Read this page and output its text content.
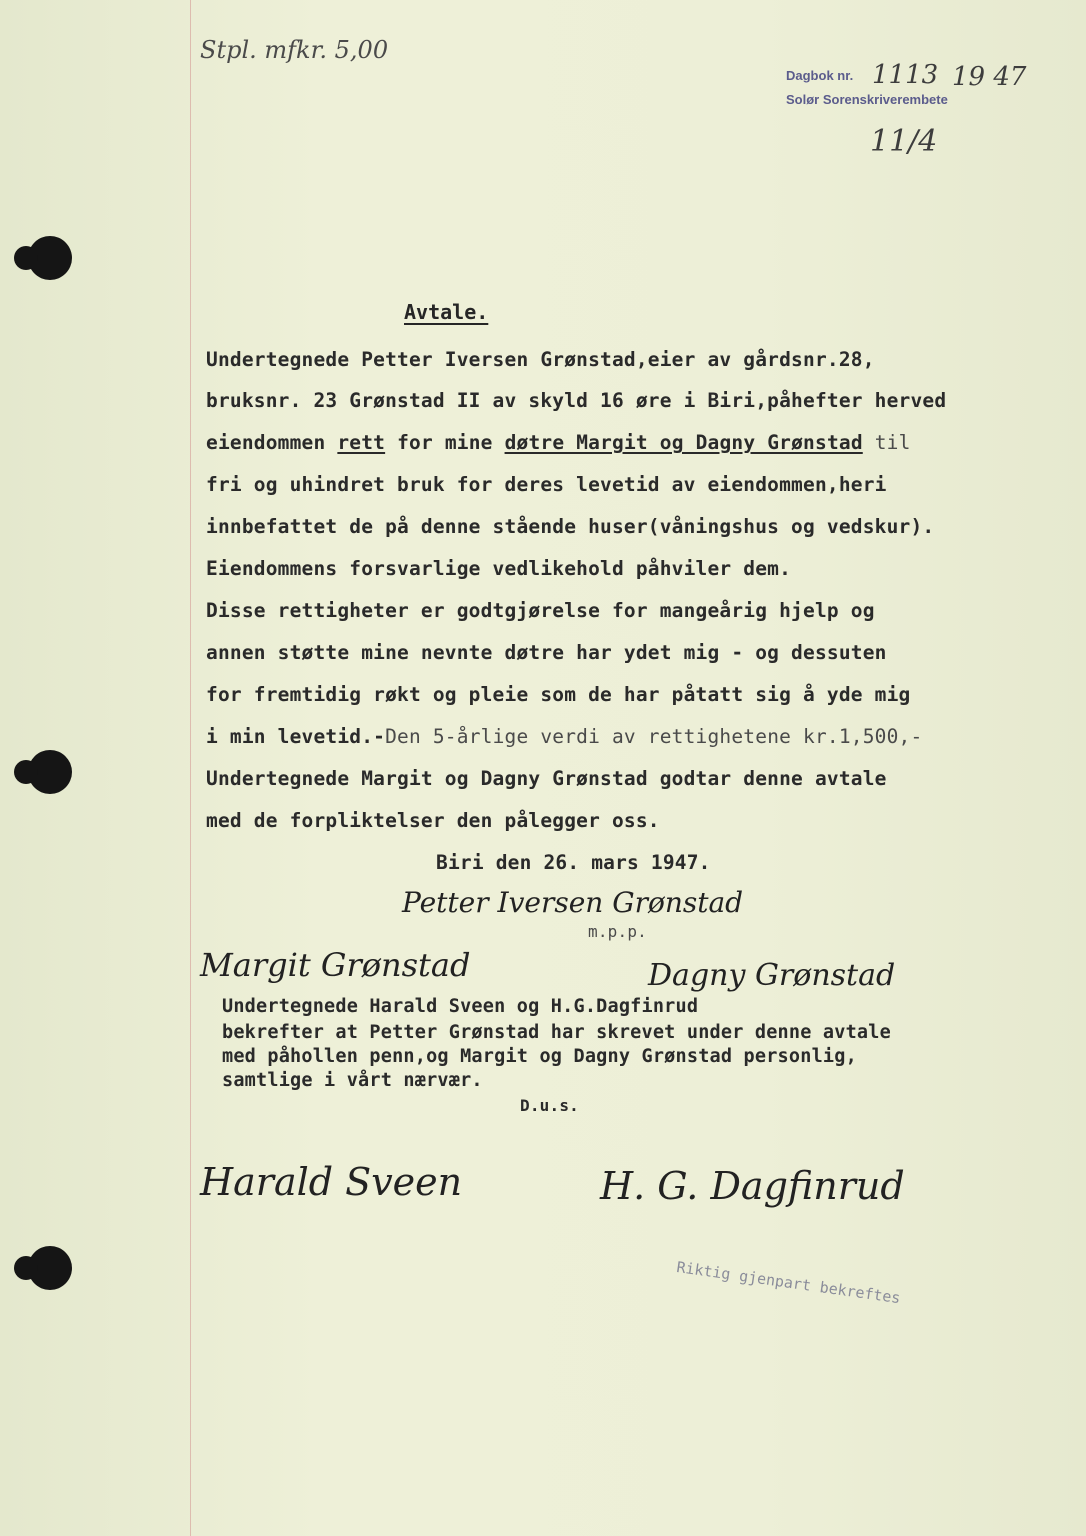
Stpl. mfkr. 5,00
Dagbok nr. 1113 19 47
Solør Sorenskriverembete
11/4
Avtale.
Undertegnede Petter Iversen Grønstad,eier av gårdsnr.28,
bruksnr. 23 Grønstad II av skyld 16 øre i Biri,påhefter herved
eiendommen rett for mine døtre Margit og Dagny Grønstad til
fri og uhindret bruk for deres levetid av eiendommen,heri
innbefattet de på denne stående huser(våningshus og vedskur).
Eiendommens forsvarlige vedlikehold påhviler dem.
Disse rettigheter er godtgjørelse for mangeårig hjelp og
annen støtte mine nevnte døtre har ydet mig - og dessuten
for fremtidig røkt og pleie som de har påtatt sig å yde mig
i min levetid.-Den 5-årlige verdi av rettighetene kr.1,500,-
Undertegnede Margit og Dagny Grønstad godtar denne avtale
med de forpliktelser den pålegger oss.
Biri den 26. mars 1947.
Petter Iversen Grønstad
m.p.p.
Margit Grønstad	Dagny Grønstad
Undertegnede Harald Sveen og H.G.Dagfinrud
bekrefter at Petter Grønstad har skrevet under denne avtale
med påhollen penn,og Margit og Dagny Grønstad personlig,
samtlige i vårt nærvær.
D.u.s.
Harald Sveen	H. G. Dagfinrud
Riktig gjenpart bekreftes
